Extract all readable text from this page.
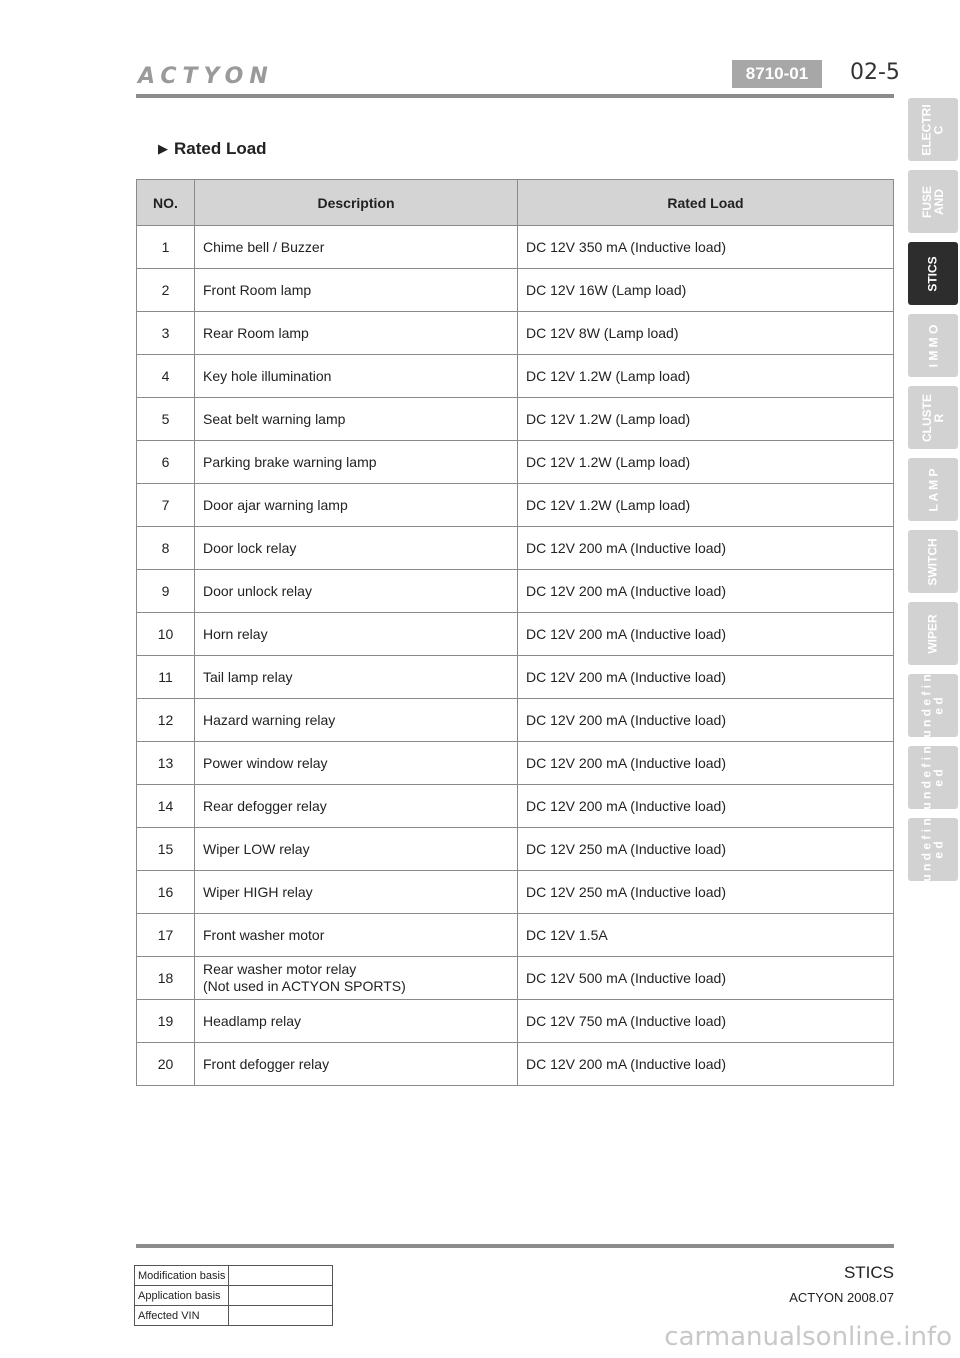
ACTYON	8710-01	02-5
▶ Rated Load
NO.	Description	Rated Load
1	Chime bell / Buzzer	DC 12V 350 mA (Inductive load)
2	Front Room lamp	DC 12V 16W (Lamp load)
3	Rear Room lamp	DC 12V 8W (Lamp load)
4	Key hole illumination	DC 12V 1.2W (Lamp load)
5	Seat belt warning lamp	DC 12V 1.2W (Lamp load)
6	Parking brake warning lamp	DC 12V 1.2W (Lamp load)
7	Door ajar warning lamp	DC 12V 1.2W (Lamp load)
8	Door lock relay	DC 12V 200 mA (Inductive load)
9	Door unlock relay	DC 12V 200 mA (Inductive load)
10	Horn relay	DC 12V 200 mA (Inductive load)
11	Tail lamp relay	DC 12V 200 mA (Inductive load)
12	Hazard warning relay	DC 12V 200 mA (Inductive load)
13	Power window relay	DC 12V 200 mA (Inductive load)
14	Rear defogger relay	DC 12V 200 mA (Inductive load)
15	Wiper LOW relay	DC 12V 250 mA (Inductive load)
16	Wiper HIGH relay	DC 12V 250 mA (Inductive load)
17	Front washer motor	DC 12V 1.5A
18	Rear washer motor relay
(Not used in ACTYON SPORTS)	DC 12V 500 mA (Inductive load)
19	Headlamp relay	DC 12V 750 mA (Inductive load)
20	Front defogger relay	DC 12V 200 mA (Inductive load)
ELECTRI
C
FUSE
AND
STICS
I M M O
CLUSTE
R
L A M P
SWITCH
WIPER
u n d e f i n
e d
u n d e f i n
e d
u n d e f i n
e d
STICS
ACTYON 2008.07
Modification basis	
Application basis	
Affected VIN	
carmanualsonline.info
